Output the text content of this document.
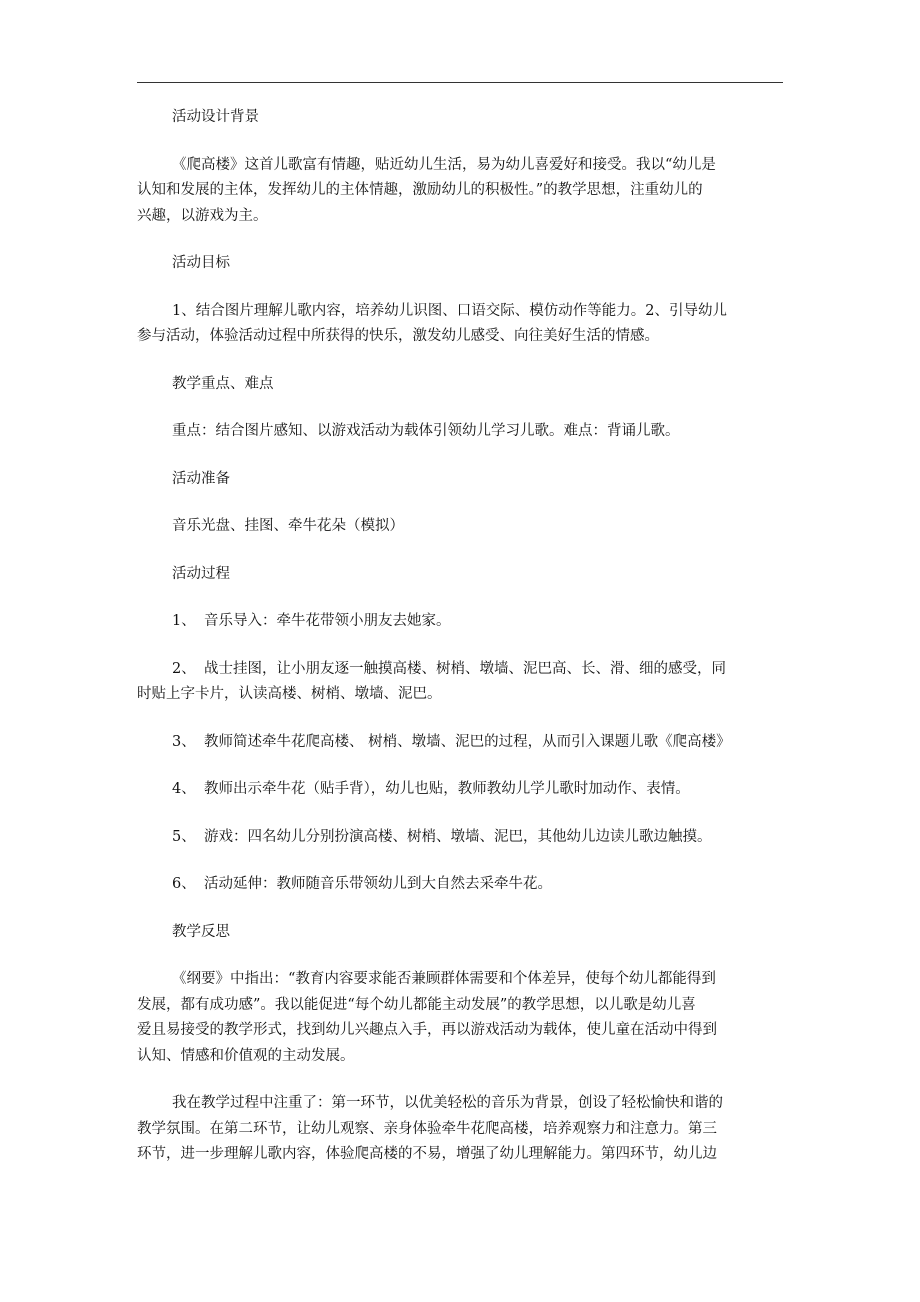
活动设计背景
《爬高楼》这首儿歌富有情趣，贴近幼儿生活，易为幼儿喜爱好和接受。我以“幼儿是
认知和发展的主体，发挥幼儿的主体情趣，激励幼儿的积极性。”的教学思想，注重幼儿的
兴趣，以游戏为主。
活动目标
1、结合图片理解儿歌内容，培养幼儿识图、口语交际、模仿动作等能力。2、引导幼儿
参与活动，体验活动过程中所获得的快乐，激发幼儿感受、向往美好生活的情感。
教学重点、难点
重点：结合图片感知、以游戏活动为载体引领幼儿学习儿歌。难点：背诵儿歌。
活动准备
音乐光盘、挂图、牵牛花朵（模拟）
活动过程
1、 音乐导入：牵牛花带领小朋友去她家。
2、 战士挂图，让小朋友逐一触摸高楼、树梢、墩墙、泥巴高、长、滑、细的感受，同
时贴上字卡片，认读高楼、树梢、墩墙、泥巴。
3、 教师简述牵牛花爬高楼、 树梢、墩墙、泥巴的过程，从而引入课题儿歌《爬高楼》
4、 教师出示牵牛花（贴手背），幼儿也贴，教师教幼儿学儿歌时加动作、表情。
5、 游戏：四名幼儿分别扮演高楼、树梢、墩墙、泥巴，其他幼儿边读儿歌边触摸。
6、 活动延伸：教师随音乐带领幼儿到大自然去采牵牛花。
教学反思
《纲要》中指出：“教育内容要求能否兼顾群体需要和个体差异，使每个幼儿都能得到
发展，都有成功感”。我以能促进“每个幼儿都能主动发展”的教学思想，以儿歌是幼儿喜
爱且易接受的教学形式，找到幼儿兴趣点入手，再以游戏活动为载体，使儿童在活动中得到
认知、情感和价值观的主动发展。
我在教学过程中注重了：第一环节，以优美轻松的音乐为背景，创设了轻松愉快和谐的
教学氛围。在第二环节，让幼儿观察、亲身体验牵牛花爬高楼，培养观察力和注意力。第三
环节，进一步理解儿歌内容，体验爬高楼的不易，增强了幼儿理解能力。第四环节，幼儿边
